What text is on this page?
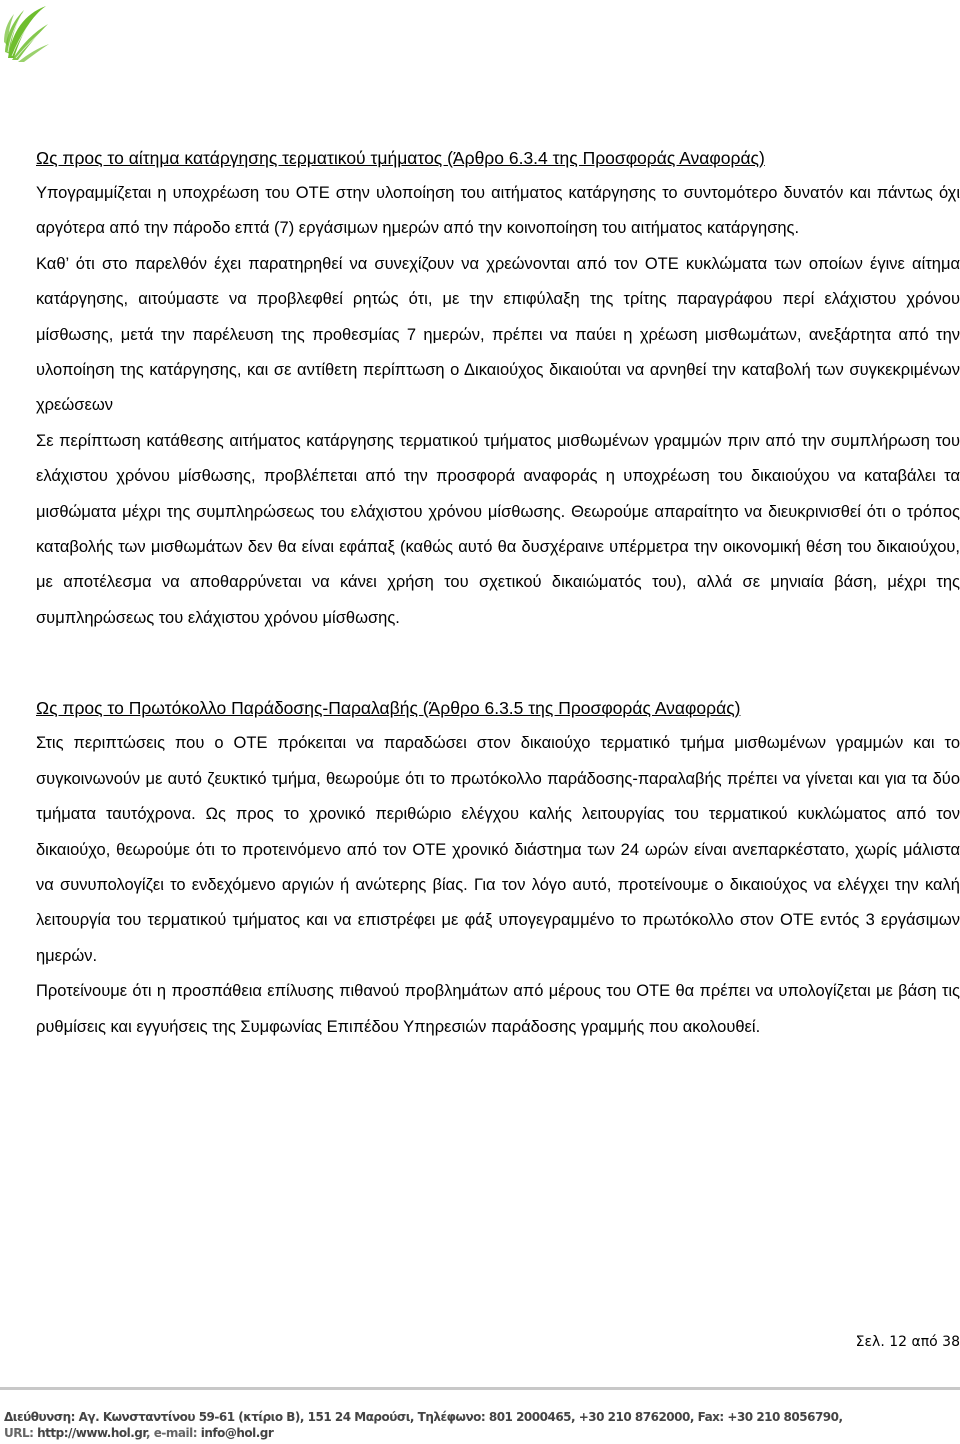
Ως προς το αίτημα κατάργησης τερματικού τμήματος (Άρθρο 6.3.4 της Προσφοράς Αναφοράς)

Υπογραμμίζεται η υποχρέωση του ΟΤΕ στην υλοποίηση του αιτήματος κατάργησης το συντομότερο δυνατόν και πάντως όχι αργότερα από την πάροδο επτά (7) εργάσιμων ημερών από την κοινοποίηση του αιτήματος κατάργησης.

Καθ’ ότι στο παρελθόν έχει παρατηρηθεί να συνεχίζουν να χρεώνονται από τον ΟΤΕ κυκλώματα των οποίων έγινε αίτημα κατάργησης, αιτούμαστε να προβλεφθεί ρητώς ότι, με την επιφύλαξη της τρίτης παραγράφου περί ελάχιστου χρόνου μίσθωσης, μετά την παρέλευση της προθεσμίας 7 ημερών, πρέπει να παύει η χρέωση μισθωμάτων, ανεξάρτητα από την υλοποίηση της κατάργησης, και σε αντίθετη περίπτωση ο Δικαιούχος δικαιούται να αρνηθεί την καταβολή των συγκεκριμένων χρεώσεων

Σε περίπτωση κατάθεσης αιτήματος κατάργησης τερματικού τμήματος μισθωμένων γραμμών πριν από την συμπλήρωση του ελάχιστου χρόνου μίσθωσης, προβλέπεται από την προσφορά αναφοράς η υποχρέωση του δικαιούχου να καταβάλει τα μισθώματα μέχρι της συμπληρώσεως του ελάχιστου χρόνου μίσθωσης. Θεωρούμε απαραίτητο να διευκρινισθεί ότι ο τρόπος καταβολής των μισθωμάτων δεν θα είναι εφάπαξ (καθώς αυτό θα δυσχέραινε υπέρμετρα την οικονομική θέση του δικαιούχου, με αποτέλεσμα να αποθαρρύνεται να κάνει χρήση του σχετικού δικαιώματός του), αλλά σε μηνιαία βάση, μέχρι της συμπληρώσεως του ελάχιστου χρόνου μίσθωσης.

Ως προς το Πρωτόκολλο Παράδοσης-Παραλαβής (Άρθρο 6.3.5 της Προσφοράς Αναφοράς)

Στις περιπτώσεις που ο ΟΤΕ πρόκειται να παραδώσει στον δικαιούχο τερματικό τμήμα μισθωμένων γραμμών και το συγκοινωνούν με αυτό ζευκτικό τμήμα, θεωρούμε ότι το πρωτόκολλο παράδοσης-παραλαβής πρέπει να γίνεται και για τα δύο τμήματα ταυτόχρονα. Ως προς το χρονικό περιθώριο ελέγχου καλής λειτουργίας του τερματικού κυκλώματος από τον δικαιούχο, θεωρούμε ότι το προτεινόμενο από τον ΟΤΕ χρονικό διάστημα των 24 ωρών είναι ανεπαρκέστατο, χωρίς μάλιστα να συνυπολογίζει το ενδεχόμενο αργιών ή ανώτερης βίας. Για τον λόγο αυτό, προτείνουμε ο δικαιούχος να ελέγχει την καλή λειτουργία του τερματικού τμήματος και να επιστρέφει με φάξ υπογεγραμμένο το πρωτόκολλο στον ΟΤΕ εντός 3 εργάσιμων ημερών.

Προτείνουμε ότι η προσπάθεια επίλυσης πιθανού προβλημάτων από μέρους του ΟΤΕ θα πρέπει να υπολογίζεται με βάση τις ρυθμίσεις και εγγυήσεις της Συμφωνίας Επιπέδου Υπηρεσιών παράδοσης γραμμής που ακολουθεί.

Σελ. 12 από 38
Διεύθυνση: Αγ. Κωνσταντίνου 59-61 (κτίριο Β), 151 24 Μαρούσι, Τηλέφωνο: 801 2000465, +30 210 8762000, Fax: +30 210 8056790,
URL: http://www.hol.gr, e-mail: info@hol.gr
